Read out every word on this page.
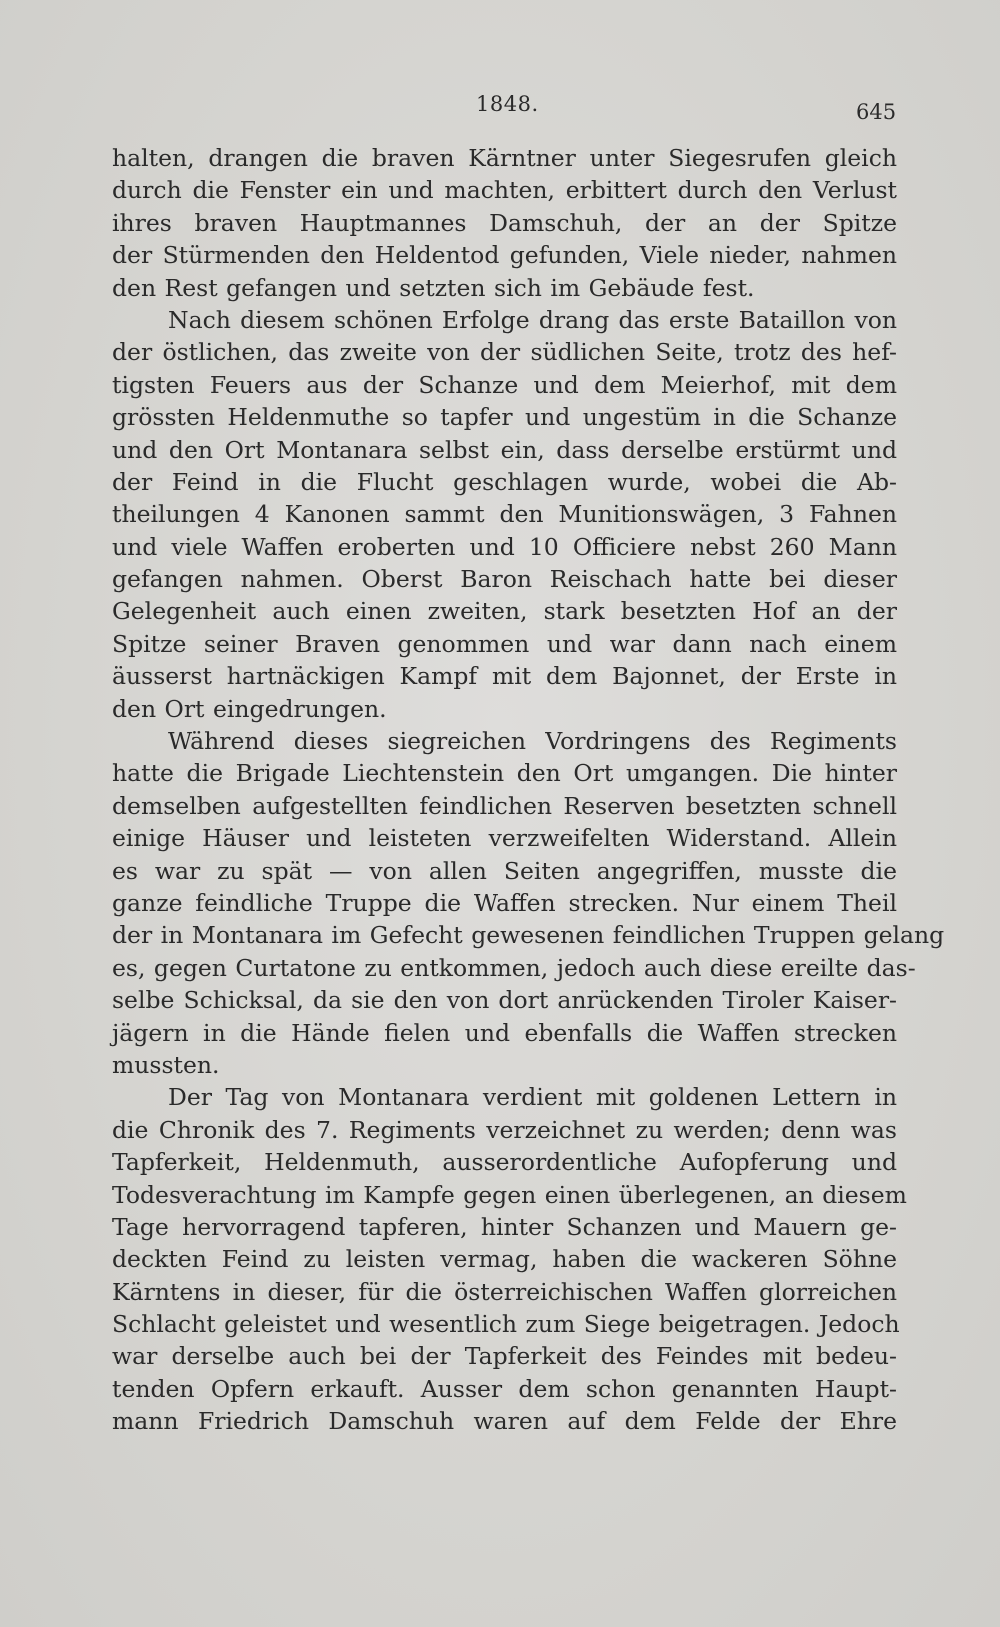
1848.	645
halten, drangen die braven Kärntner unter Siegesrufen gleich
durch die Fenster ein und machten, erbittert durch den Verlust
ihres braven Hauptmannes Damschuh, der an der Spitze
der Stürmenden den Heldentod gefunden, Viele nieder, nahmen
den Rest gefangen und setzten sich im Gebäude fest.
Nach diesem schönen Erfolge drang das erste Bataillon von
der östlichen, das zweite von der südlichen Seite, trotz des hef-
tigsten Feuers aus der Schanze und dem Meierhof, mit dem
grössten Heldenmuthe so tapfer und ungestüm in die Schanze
und den Ort Montanara selbst ein, dass derselbe erstürmt und
der Feind in die Flucht geschlagen wurde, wobei die Ab-
theilungen 4 Kanonen sammt den Munitionswägen, 3 Fahnen
und viele Waffen eroberten und 10 Officiere nebst 260 Mann
gefangen nahmen. Oberst Baron Reischach hatte bei dieser
Gelegenheit auch einen zweiten, stark besetzten Hof an der
Spitze seiner Braven genommen und war dann nach einem
äusserst hartnäckigen Kampf mit dem Bajonnet, der Erste in
den Ort eingedrungen.
Während dieses siegreichen Vordringens des Regiments
hatte die Brigade Liechtenstein den Ort umgangen. Die hinter
demselben aufgestellten feindlichen Reserven besetzten schnell
einige Häuser und leisteten verzweifelten Widerstand. Allein
es war zu spät — von allen Seiten angegriffen, musste die
ganze feindliche Truppe die Waffen strecken. Nur einem Theil
der in Montanara im Gefecht gewesenen feindlichen Truppen gelang
es, gegen Curtatone zu entkommen, jedoch auch diese ereilte das-
selbe Schicksal, da sie den von dort anrückenden Tiroler Kaiser-
jägern in die Hände fielen und ebenfalls die Waffen strecken
mussten.
Der Tag von Montanara verdient mit goldenen Lettern in
die Chronik des 7. Regiments verzeichnet zu werden; denn was
Tapferkeit, Heldenmuth, ausserordentliche Aufopferung und
Todesverachtung im Kampfe gegen einen überlegenen, an diesem
Tage hervorragend tapferen, hinter Schanzen und Mauern ge-
deckten Feind zu leisten vermag, haben die wackeren Söhne
Kärntens in dieser, für die österreichischen Waffen glorreichen
Schlacht geleistet und wesentlich zum Siege beigetragen. Jedoch
war derselbe auch bei der Tapferkeit des Feindes mit bedeu-
tenden Opfern erkauft. Ausser dem schon genannten Haupt-
mann Friedrich Damschuh waren auf dem Felde der Ehre
